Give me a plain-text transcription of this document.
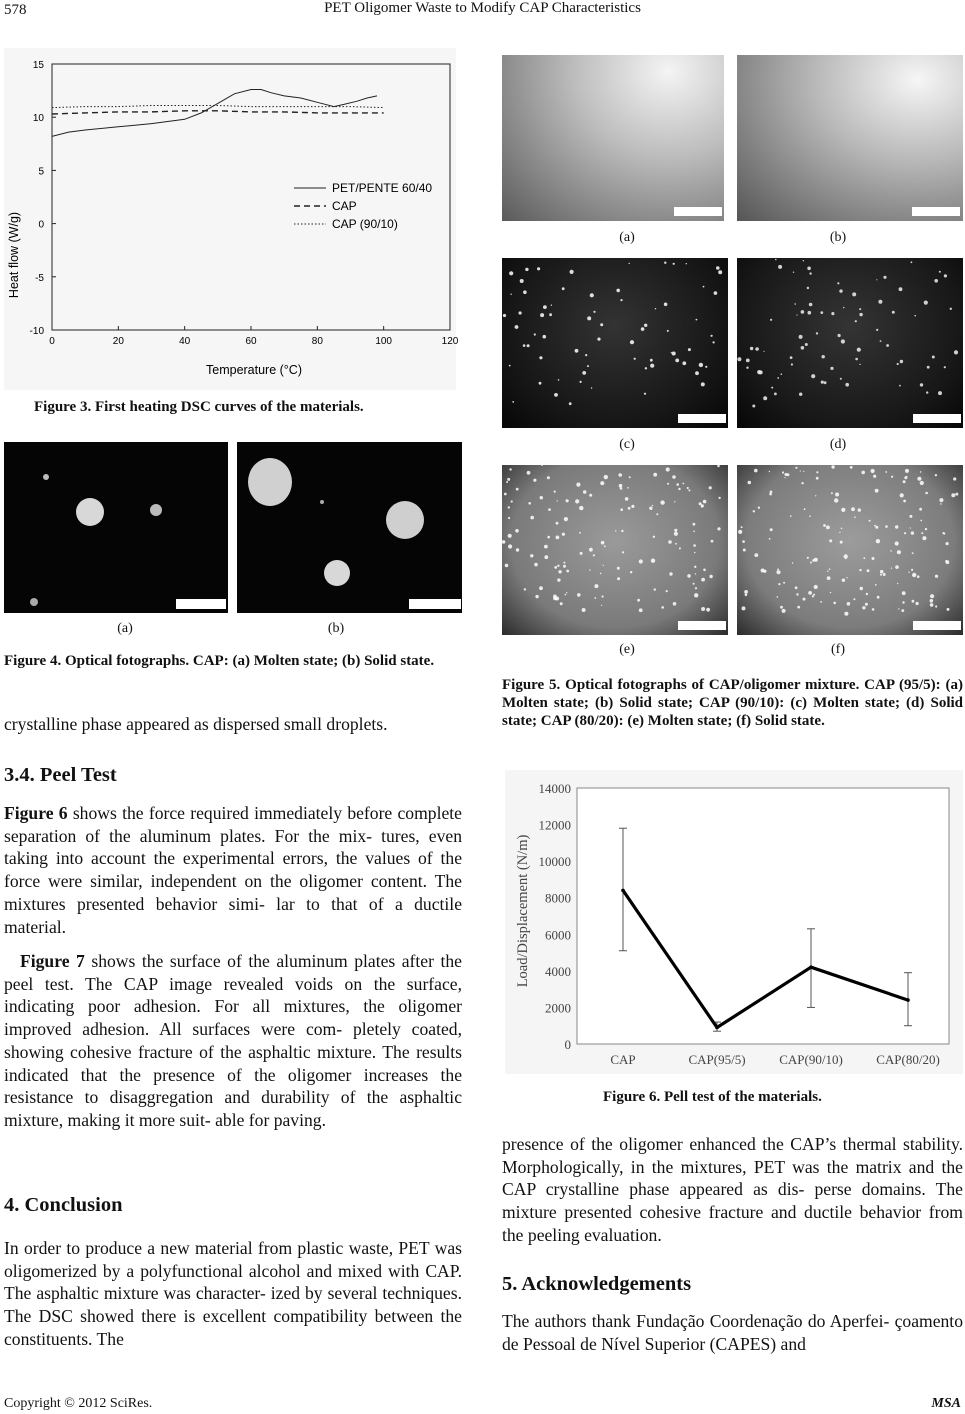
578	PET Oligomer Waste to Modify CAP Characteristics
0	20	40	60	80	100	120
15
10
5
0
-5
-10
PET/PENTE 60/40
CAP
CAP (90/10)
Heat flow (W/g)
Temperature (°C)
Figure 3. First heating DSC curves of the materials.
(a)	(b)
Figure 4. Optical fotographs. CAP: (a) Molten state; (b) Solid state.
crystalline phase appeared as dispersed small droplets.
3.4. Peel Test
Figure 6 shows the force required immediately before complete separation of the aluminum plates. For the mix- tures, even taking into account the experimental errors, the values of the force were similar, independent on the oligomer content. The mixtures presented behavior simi- lar to that of a ductile material.
Figure 7 shows the surface of the aluminum plates after the peel test. The CAP image revealed voids on the surface, indicating poor adhesion. For all mixtures, the oligomer improved adhesion. All surfaces were com- pletely coated, showing cohesive fracture of the asphaltic mixture. The results indicated that the presence of the oligomer increases the resistance to disaggregation and durability of the asphaltic mixture, making it more suit- able for paving.
4. Conclusion
In order to produce a new material from plastic waste, PET was oligomerized by a polyfunctional alcohol and mixed with CAP. The asphaltic mixture was character- ized by several techniques. The DSC showed there is excellent compatibility between the constituents. The
(a)	(b)
(c)	(d)
(e)	(f)
Figure 5. Optical fotographs of CAP/oligomer mixture. CAP (95/5): (a) Molten state; (b) Solid state; CAP (90/10): (c) Molten state; (d) Solid state; CAP (80/20): (e) Molten state; (f) Solid state.
0
2000
4000
6000
8000
10000
12000
14000
CAP	CAP(95/5)	CAP(90/10)	CAP(80/20)
Load/Displacement (N/m)
Figure 6. Pell test of the materials.
presence of the oligomer enhanced the CAP’s thermal stability. Morphologically, in the mixtures, PET was the matrix and the CAP crystalline phase appeared as dis- perse domains. The mixture presented cohesive fracture and ductile behavior from the peeling evaluation.
5. Acknowledgements
The authors thank Fundação Coordenação do Aperfei- çoamento de Pessoal de Nível Superior (CAPES) and
Copyright © 2012 SciRes.	MSA
